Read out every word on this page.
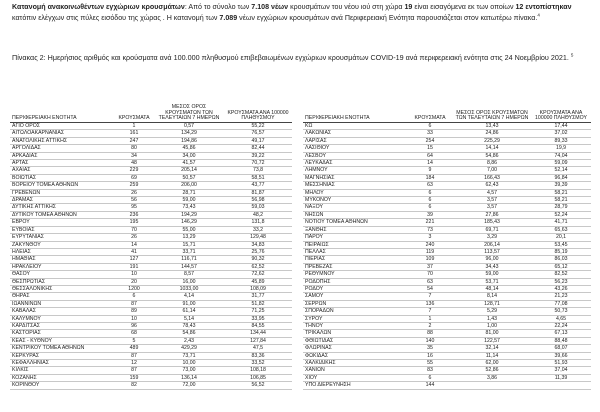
Κατανομή ανακοινωθέντων εγχώριων κρουσμάτων: Από το σύνολο των 7.108 νέων κρουσμάτων του νέου ιού στη χώρα 19 είναι εισαγόμενα εκ των οποίων 12 εντοπίστηκαν κατόπιν ελέγχων στις πύλες εισόδου της χώρας . Η κατανομή των 7.089 νέων εγχώριων κρουσμάτων ανά Περιφερειακή Ενότητα παρουσιάζεται στον κατωτέρω πίνακα.$^4$
Πίνακας 2: Ημερήσιος αριθμός και κρούσματα ανά 100.000 πληθυσμού επιβεβαιωμένων εγχώριων κρουσμάτων COVID-19 ανά περιφερειακή ενότητα στις 24 Νοεμβρίου 2021. $^5$
ΠΕΡΙΦΕΡΕΙΑΚΗ ΕΝΟΤΗΤΑ	ΚΡΟΥΣΜΑΤΑ	ΜΕΣΟΣ ΟΡΟΣ ΚΡΟΥΣΜΑΤΩΝ ΤΩΝ ΤΕΛΕΥΤΑΙΩΝ 7 ΗΜΕΡΩΝ	ΚΡΟΥΣΜΑΤΑ ΑΝΑ 100000 ΠΛΗΘΥΣΜΟΥ
ΑΓΙΟ ΟΡΟΣ	1	0,57	55,22
ΑΙΤΩΛΟΑΚΑΡΝΑΝΙΑΣ	161	134,29	76,57
ΑΝΑΤΟΛΙΚΗΣ ΑΤΤΙΚΗΣ	247	194,86	49,17
ΑΡΓΟΛΙΔΑΣ	80	45,86	82,44
ΑΡΚΑΔΙΑΣ	34	34,00	39,22
ΑΡΤΑΣ	48	41,57	70,72
ΑΧΑΙΑΣ	229	205,14	73,8
ΒΟΙΩΤΙΑΣ	69	50,57	58,51
ΒΟΡΕΙΟΥ ΤΟΜΕΑ ΑΘΗΝΩΝ	259	206,00	43,77
ΓΡΕΒΕΝΩΝ	26	28,71	81,87
ΔΡΑΜΑΣ	56	59,00	56,98
ΔΥΤΙΚΗΣ ΑΤΤΙΚΗΣ	95	73,43	59,03
ΔΥΤΙΚΟΥ ΤΟΜΕΑ ΑΘΗΝΩΝ	236	194,29	48,2
ΕΒΡΟΥ	195	146,29	131,8
ΕΥΒΟΙΑΣ	70	55,00	33,2
ΕΥΡΥΤΑΝΙΑΣ	26	13,29	129,48
ΖΑΚΥΝΘΟΥ	14	15,71	34,83
ΗΛΕΙΑΣ	41	33,71	25,76
ΗΜΑΘΙΑΣ	127	116,71	90,32
ΗΡΑΚΛΕΙΟΥ	191	144,57	62,52
ΘΑΣΟΥ	10	8,57	72,62
ΘΕΣΠΡΩΤΙΑΣ	20	16,00	45,89
ΘΕΣΣΑΛΟΝΙΚΗΣ	1200	1033,00	108,09
ΘΗΡΑΣ	6	4,14	31,77
ΙΩΑΝΝΙΝΩΝ	87	91,00	51,82
ΚΑΒΑΛΑΣ	89	61,14	71,25
ΚΑΛΥΜΝΟΥ	10	5,14	33,95
ΚΑΡΔΙΤΣΑΣ	96	78,43	84,55
ΚΑΣΤΟΡΙΑΣ	68	54,86	134,44
ΚΕΑΣ - ΚΥΘΝΟΥ	5	2,43	127,84
ΚΕΝΤΡΙΚΟΥ ΤΟΜΕΑ ΑΘΗΝΩΝ	489	429,29	47,5
ΚΕΡΚΥΡΑΣ	87	73,71	83,36
ΚΕΦΑΛΛΗΝΙΑΣ	12	10,00	33,52
ΚΙΛΚΙΣ	87	73,00	108,18
ΚΟΖΑΝΗΣ	159	136,14	106,85
ΚΟΡΙΝΘΟΥ	82	72,00	56,52
ΠΕΡΙΦΕΡΕΙΑΚΗ ΕΝΟΤΗΤΑ	ΚΡΟΥΣΜΑΤΑ	ΜΕΣΟΣ ΟΡΟΣ ΚΡΟΥΣΜΑΤΩΝ ΤΩΝ ΤΕΛΕΥΤΑΙΩΝ 7 ΗΜΕΡΩΝ	ΚΡΟΥΣΜΑΤΑ ΑΝΑ 100000 ΠΛΗΘΥΣΜΟΥ
ΚΩ	6	13,43	17,44
ΛΑΚΩΝΙΑΣ	33	24,86	37,02
ΛΑΡΙΣΑΣ	254	225,29	89,33
ΛΑΣΙΘΙΟΥ	15	14,14	19,9
ΛΕΣΒΟΥ	64	54,86	74,04
ΛΕΥΚΑΔΑΣ	14	8,86	59,09
ΛΗΜΝΟΥ	9	7,00	52,14
ΜΑΓΝΗΣΙΑΣ	184	166,43	96,84
ΜΕΣΣΗΝΙΑΣ	63	62,43	39,39
ΜΗΛΟΥ	6	4,57	58,21
ΜΥΚΟΝΟΥ	6	3,57	58,21
ΝΑΞΟΥ	6	3,57	28,79
ΝΗΣΩΝ	39	27,86	52,24
ΝΟΤΙΟΥ ΤΟΜΕΑ ΑΘΗΝΩΝ	221	185,43	41,71
ΞΑΝΘΗΣ	73	69,71	65,63
ΠΑΡΟΥ	3	3,29	20,1
ΠΕΙΡΑΙΩΣ	240	206,14	53,45
ΠΕΛΛΑΣ	119	113,57	85,19
ΠΙΕΡΙΑΣ	109	96,00	86,03
ΠΡΕΒΕΖΑΣ	37	34,43	65,12
ΡΕΘΥΜΝΟΥ	70	59,00	82,52
ΡΟΔΟΠΗΣ	63	53,71	56,23
ΡΟΔΟΥ	54	48,14	43,26
ΣΑΜΟΥ	7	8,14	21,23
ΣΕΡΡΩΝ	136	128,71	77,08
ΣΠΟΡΑΔΩΝ	7	5,29	50,73
ΣΥΡΟΥ	1	1,43	4,65
ΤΗΝΟΥ	2	1,00	22,24
ΤΡΙΚΑΛΩΝ	88	81,00	67,13
ΦΘΙΩΤΙΔΑΣ	140	122,57	88,48
ΦΛΩΡΙΝΑΣ	35	32,14	68,07
ΦΩΚΙΔΑΣ	16	11,14	39,66
ΧΑΛΚΙΔΙΚΗΣ	55	62,00	51,93
ΧΑΝΙΩΝ	83	52,86	37,04
ΧΙΟΥ	6	3,86	11,39
ΥΠΟ ΔΙΕΡΕΥΝΗΣΗ	144		
